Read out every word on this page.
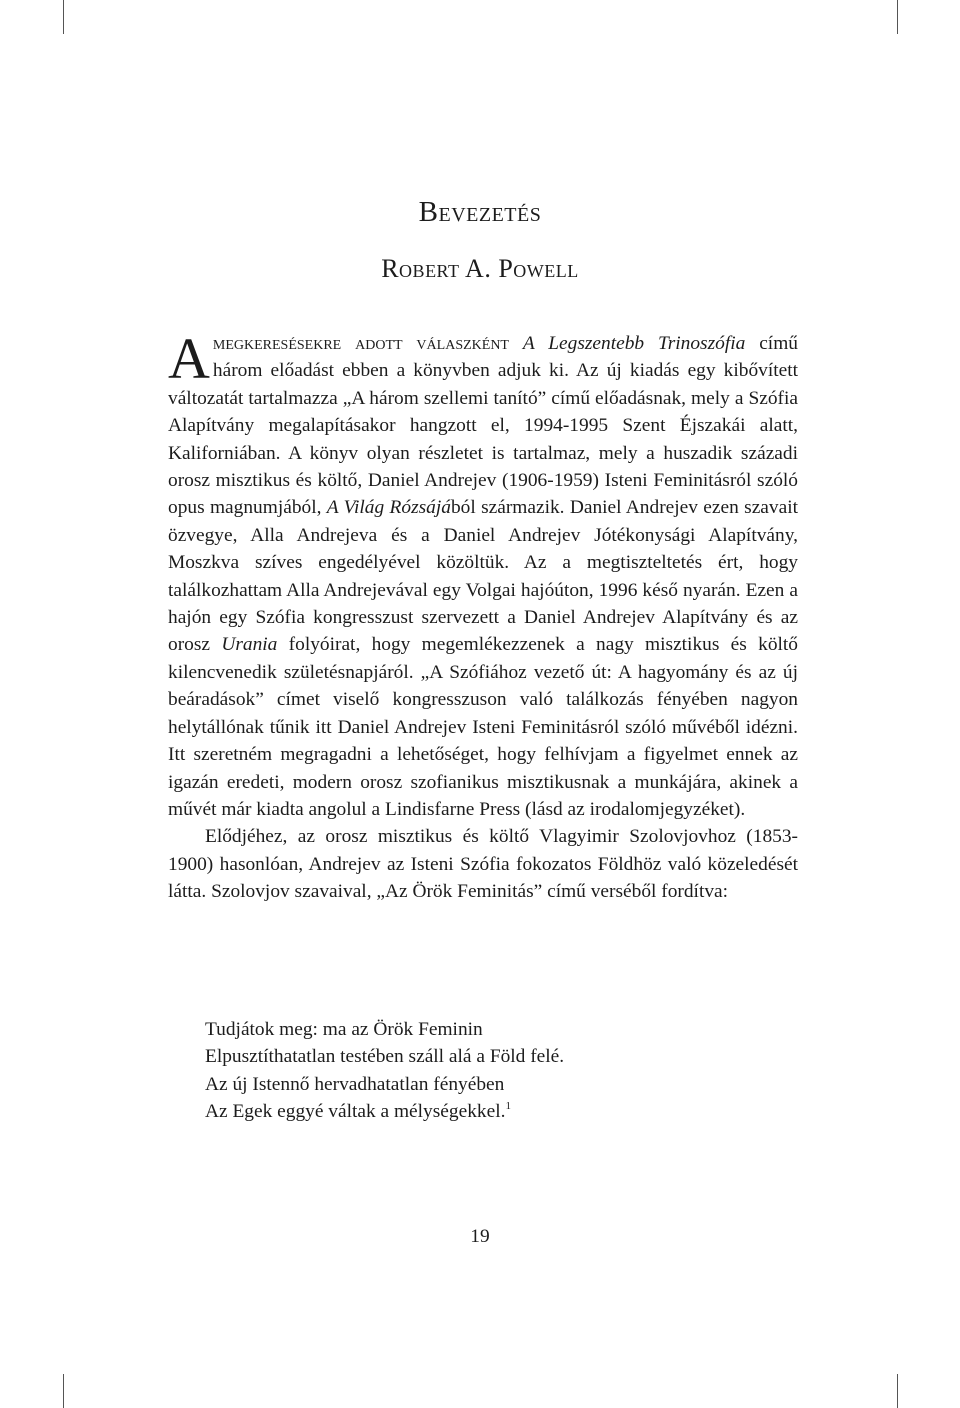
Bevezetés
Robert A. Powell

Amegkeresésekre adott válaszként A Legszentebb Trinoszófia című három előadást ebben a könyvben adjuk ki. Az új kiadás egy kibővített változatát tartalmazza „A három szellemi tanító” című előadásnak, mely a Szófia Alapítvány megalapításakor hangzott el, 1994-1995 Szent Éjszakái alatt, Kaliforniában. A könyv olyan részletet is tartalmaz, mely a huszadik századi orosz misztikus és költő, Daniel Andrejev (1906-1959) Isteni Feminitásról szóló opus magnumjából, A Világ Rózsájából származik. Daniel Andrejev ezen szavait özvegye, Alla Andrejeva és a Daniel Andrejev Jótékonysági Alapítvány, Moszkva szíves engedélyével közöltük. Az a megtiszteltetés ért, hogy találkozhattam Alla Andrejevával egy Volgai hajóúton, 1996 késő nyarán. Ezen a hajón egy Szófia kongresszust szervezett a Daniel Andrejev Alapítvány és az orosz Urania folyóirat, hogy megemlékezzenek a nagy misztikus és költő kilencvenedik születésnapjáról. „A Szófiához vezető út: A hagyomány és az új beáradások” címet viselő kongresszuson való találkozás fényében nagyon helytállónak tűnik itt Daniel Andrejev Isteni Feminitásról szóló művéből idézni. Itt szeretném megragadni a lehetőséget, hogy felhívjam a figyelmet ennek az igazán eredeti, modern orosz szofianikus misztikusnak a munkájára, akinek a művét már kiadta angolul a Lindisfarne Press (lásd az irodalomjegyzéket).

Elődjéhez, az orosz misztikus és költő Vlagyimir Szolovjovhoz (1853-1900) hasonlóan, Andrejev az Isteni Szófia fokozatos Földhöz való közeledését látta. Szolovjov szavaival, „Az Örök Feminitás” című verséből fordítva:

Tudjátok meg: ma az Örök Feminin
Elpusztíthatatlan testében száll alá a Föld felé.
Az új Istennő hervadhatatlan fényében
Az Egek eggyé váltak a mélységekkel.$^1$
19
